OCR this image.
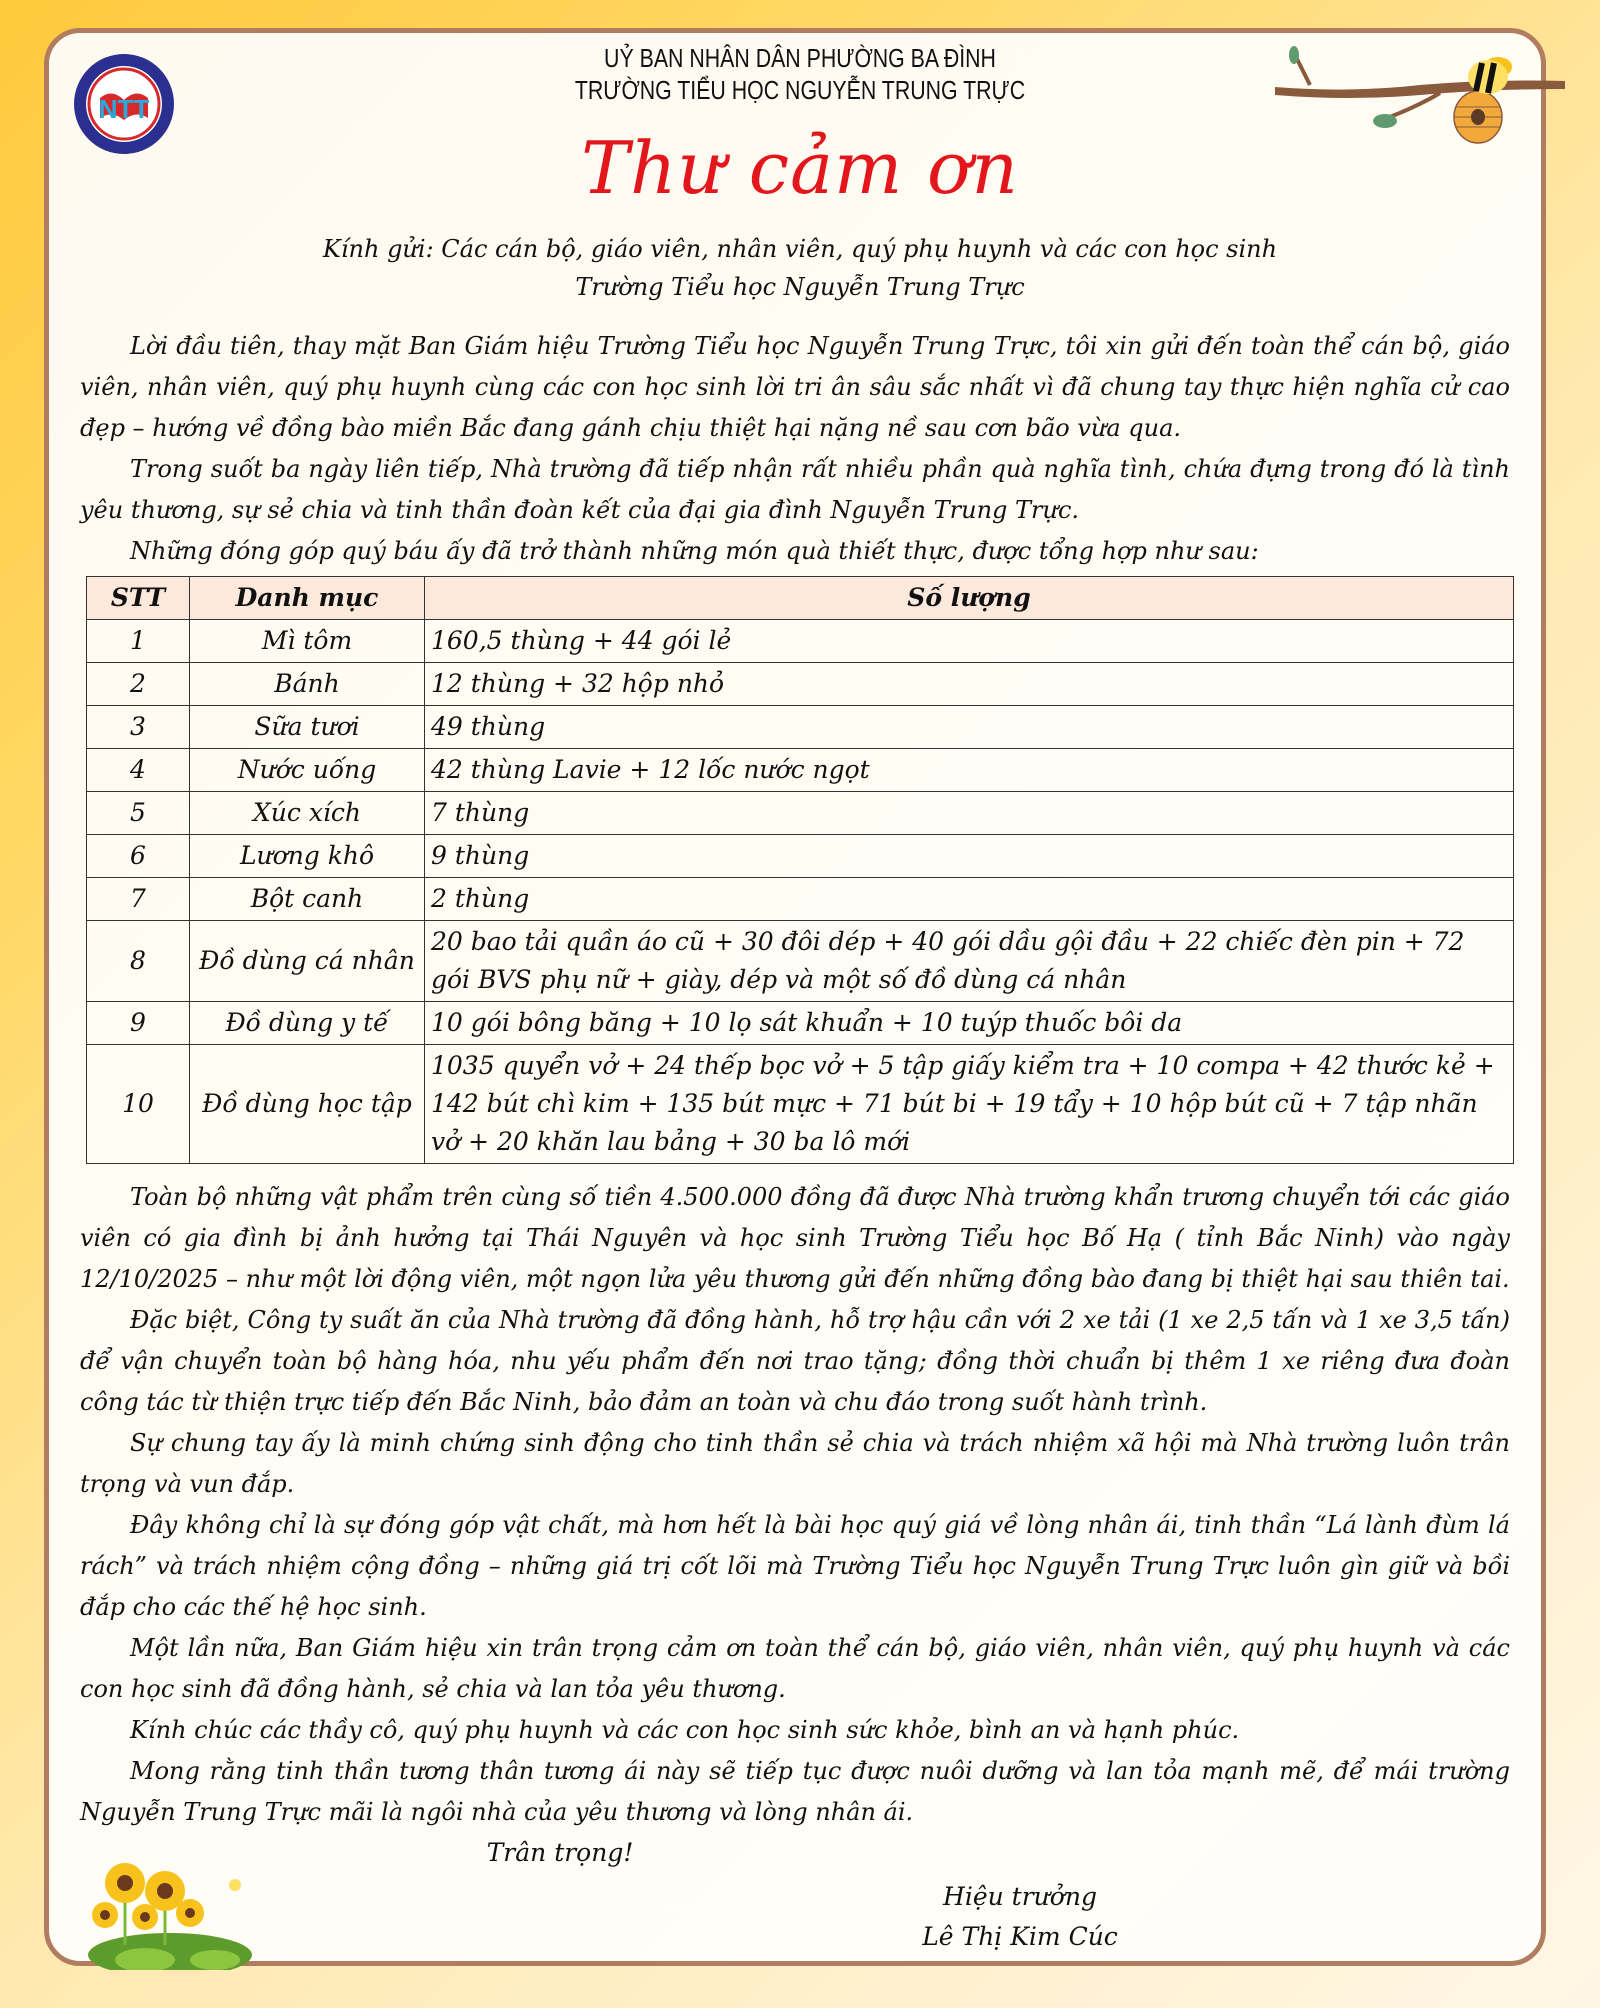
NTT
UỶ BAN NHÂN DÂN PHƯỜNG BA ĐÌNH
TRƯỜNG TIỂU HỌC NGUYỄN TRUNG TRỰC
Thư cảm ơn
Kính gửi: Các cán bộ, giáo viên, nhân viên, quý phụ huynh và các con học sinh
Trường Tiểu học Nguyễn Trung Trực

Lời đầu tiên, thay mặt Ban Giám hiệu Trường Tiểu học Nguyễn Trung Trực, tôi xin gửi đến toàn thể cán bộ, giáo viên, nhân viên, quý phụ huynh cùng các con học sinh lời tri ân sâu sắc nhất vì đã chung tay thực hiện nghĩa cử cao đẹp – hướng về đồng bào miền Bắc đang gánh chịu thiệt hại nặng nề sau cơn bão vừa qua.

Trong suốt ba ngày liên tiếp, Nhà trường đã tiếp nhận rất nhiều phần quà nghĩa tình, chứa đựng trong đó là tình yêu thương, sự sẻ chia và tinh thần đoàn kết của đại gia đình Nguyễn Trung Trực.

Những đóng góp quý báu ấy đã trở thành những món quà thiết thực, được tổng hợp như sau:

STT	Danh mục	Số lượng
1	Mì tôm	160,5 thùng + 44 gói lẻ
2	Bánh	12 thùng + 32 hộp nhỏ
3	Sữa tươi	49 thùng
4	Nước uống	42 thùng Lavie + 12 lốc nước ngọt
5	Xúc xích	7 thùng
6	Lương khô	9 thùng
7	Bột canh	2 thùng
8	Đồ dùng cá nhân	20 bao tải quần áo cũ + 30 đôi dép + 40 gói dầu gội đầu + 22 chiếc đèn pin + 72 gói BVS phụ nữ + giày, dép và một số đồ dùng cá nhân
9	Đồ dùng y tế	10 gói bông băng + 10 lọ sát khuẩn + 10 tuýp thuốc bôi da
10	Đồ dùng học tập	1035 quyển vở + 24 thếp bọc vở + 5 tập giấy kiểm tra + 10 compa + 42 thước kẻ + 142 bút chì kim + 135 bút mực + 71 bút bi + 19 tẩy + 10 hộp bút cũ + 7 tập nhãn vở + 20 khăn lau bảng + 30 ba lô mới

Toàn bộ những vật phẩm trên cùng số tiền 4.500.000 đồng đã được Nhà trường khẩn trương chuyển tới các giáo viên có gia đình bị ảnh hưởng tại Thái Nguyên và học sinh Trường Tiểu học Bố Hạ ( tỉnh Bắc Ninh) vào ngày 12/10/2025 – như một lời động viên, một ngọn lửa yêu thương gửi đến những đồng bào đang bị thiệt hại sau thiên tai.

Đặc biệt, Công ty suất ăn của Nhà trường đã đồng hành, hỗ trợ hậu cần với 2 xe tải (1 xe 2,5 tấn và 1 xe 3,5 tấn) để vận chuyển toàn bộ hàng hóa, nhu yếu phẩm đến nơi trao tặng; đồng thời chuẩn bị thêm 1 xe riêng đưa đoàn công tác từ thiện trực tiếp đến Bắc Ninh, bảo đảm an toàn và chu đáo trong suốt hành trình.

Sự chung tay ấy là minh chứng sinh động cho tinh thần sẻ chia và trách nhiệm xã hội mà Nhà trường luôn trân trọng và vun đắp.

Đây không chỉ là sự đóng góp vật chất, mà hơn hết là bài học quý giá về lòng nhân ái, tinh thần “Lá lành đùm lá rách” và trách nhiệm cộng đồng – những giá trị cốt lõi mà Trường Tiểu học Nguyễn Trung Trực luôn gìn giữ và bồi đắp cho các thế hệ học sinh.

Một lần nữa, Ban Giám hiệu xin trân trọng cảm ơn toàn thể cán bộ, giáo viên, nhân viên, quý phụ huynh và các con học sinh đã đồng hành, sẻ chia và lan tỏa yêu thương.

Kính chúc các thầy cô, quý phụ huynh và các con học sinh sức khỏe, bình an và hạnh phúc.

Mong rằng tinh thần tương thân tương ái này sẽ tiếp tục được nuôi dưỡng và lan tỏa mạnh mẽ, để mái trường Nguyễn Trung Trực mãi là ngôi nhà của yêu thương và lòng nhân ái.

Trân trọng!
Hiệu trưởng
Lê Thị Kim Cúc
